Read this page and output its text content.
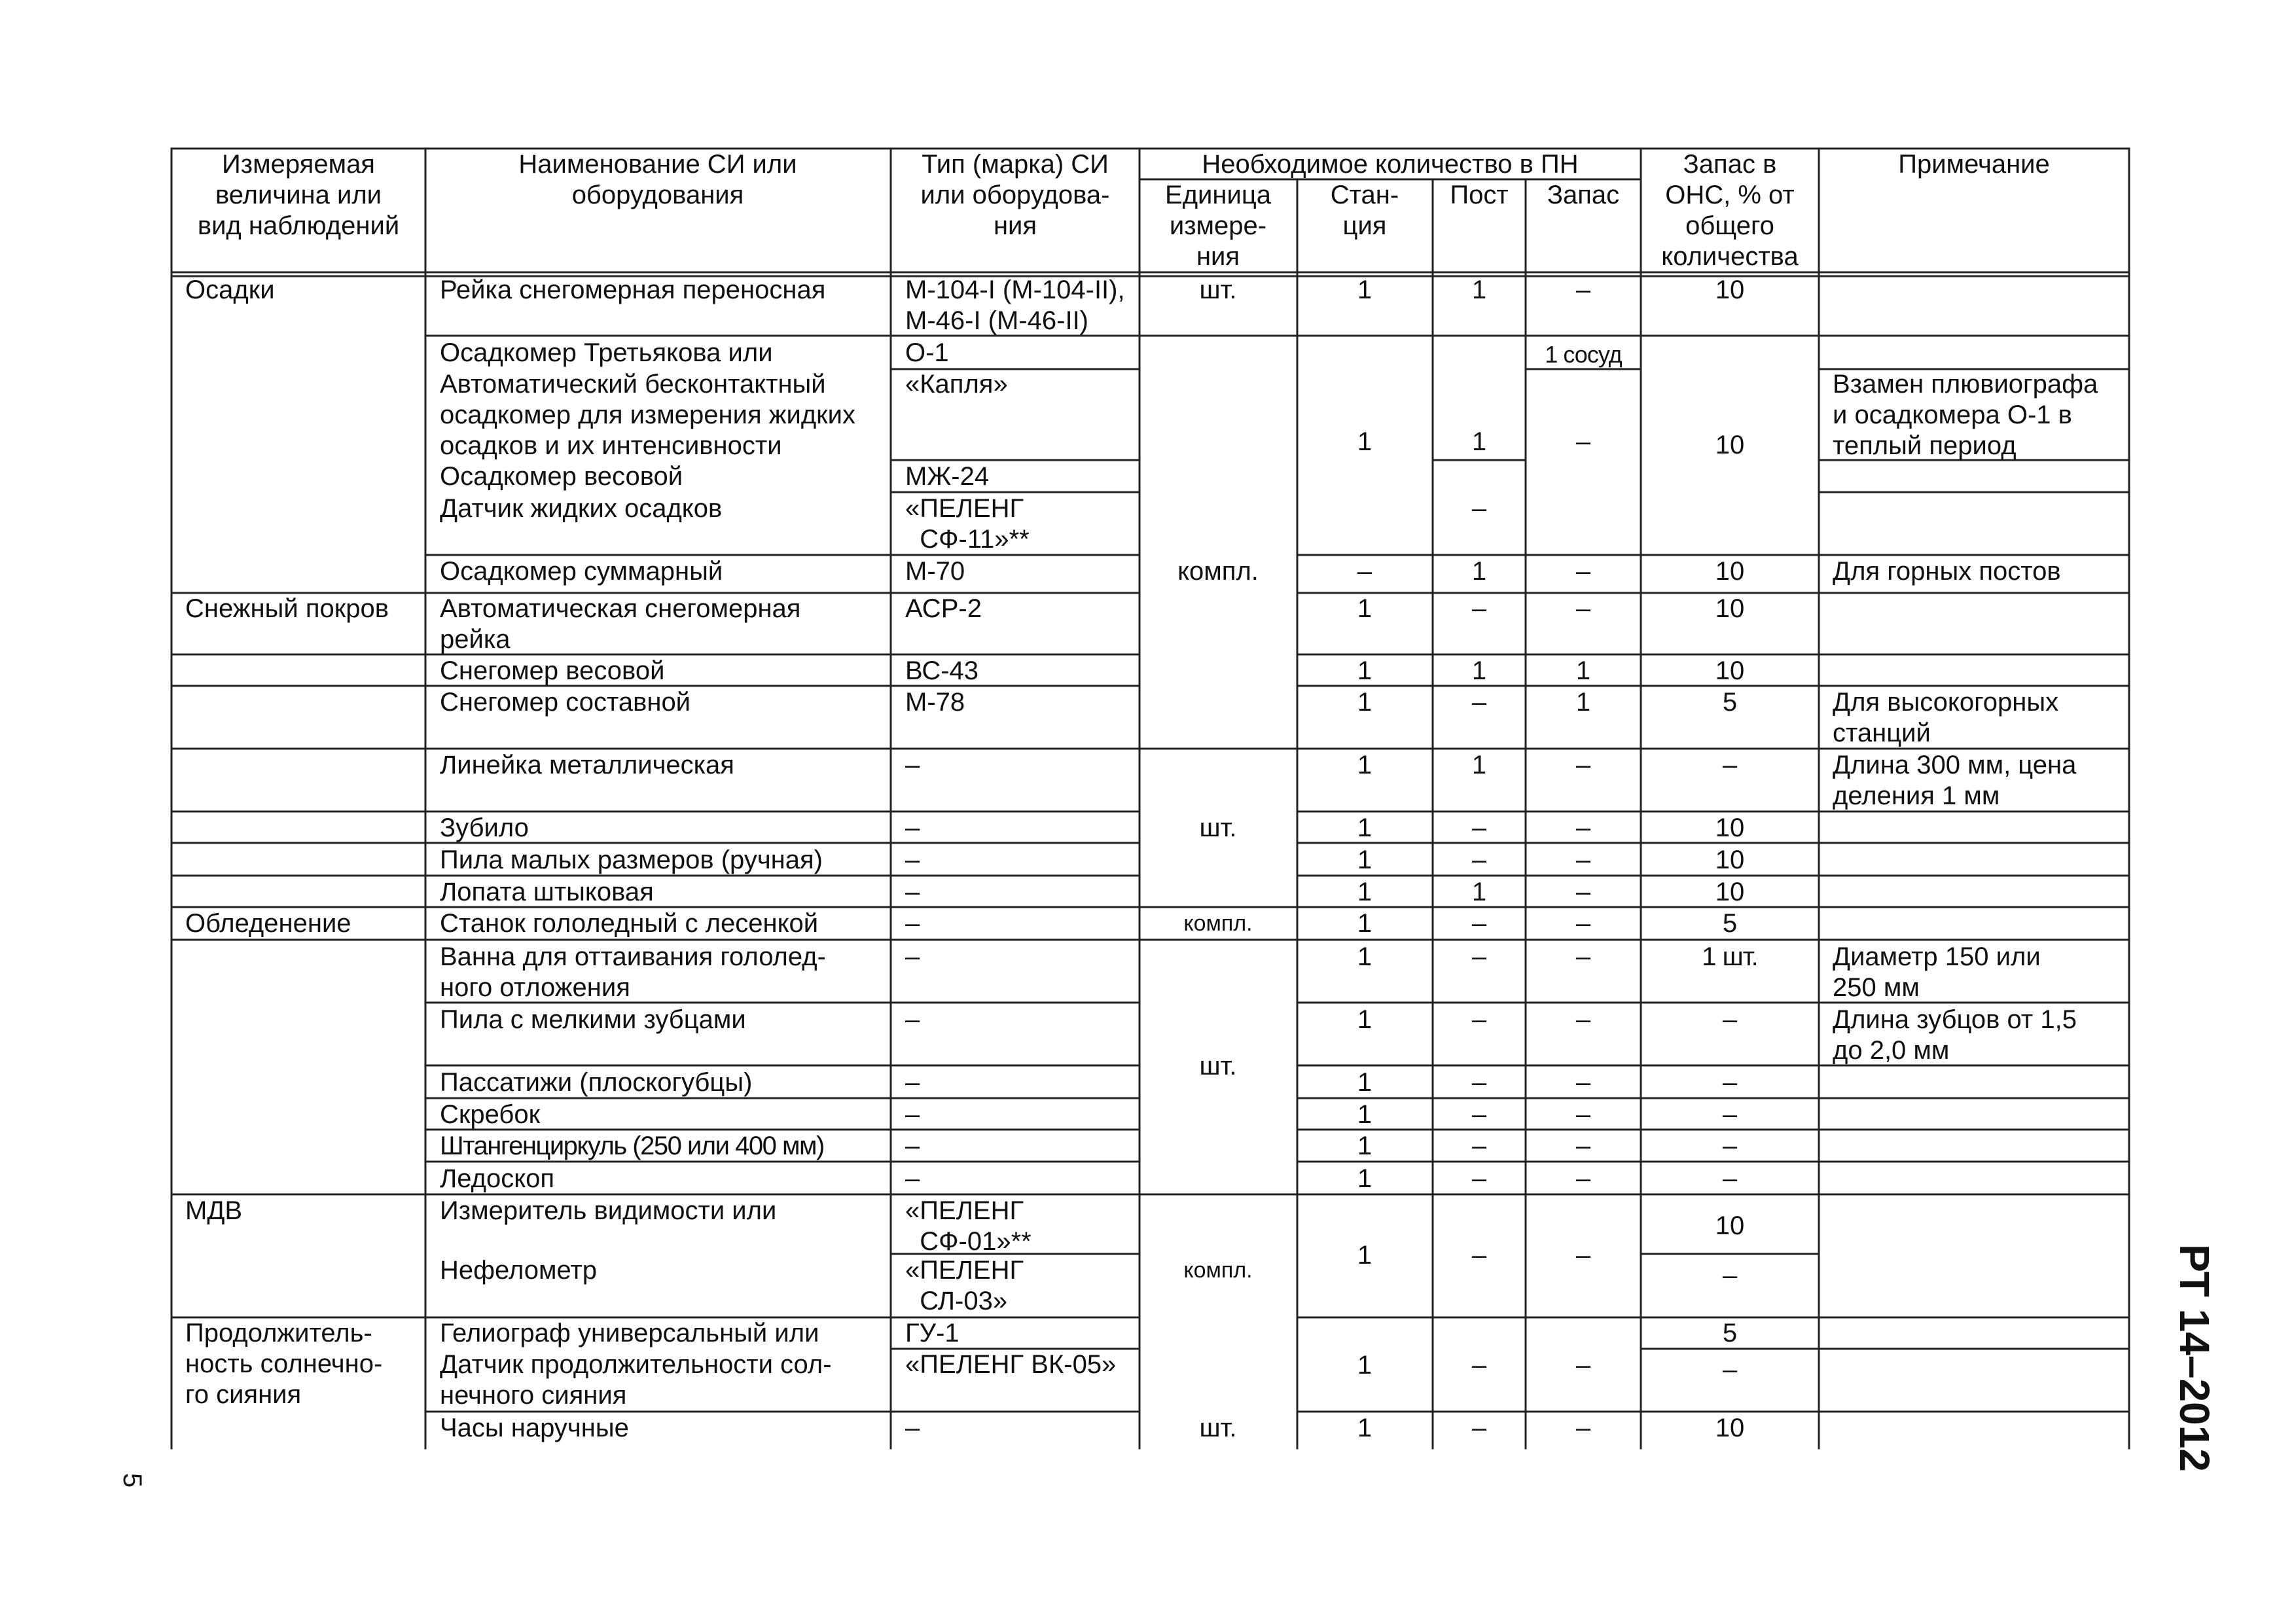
Измеряемая
величина или
вид наблюдений
Наименование СИ или
оборудования
Тип (марка) СИ
или оборудова-
ния
Необходимое количество в ПН
Единица
измере-
ния
Стан-
ция
Пост Запас
Запас в
ОНС, % от
общего
количества
Примечание
Осадки
Снежный покров
Обледенение
МДВ
Продолжитель-
ность солнечно-
го сияния
Рейка снегомерная переносная
Осадкомер Третьякова или
Автоматический бесконтактный
осадкомер для измерения жидких
осадков и их интенсивности
Осадкомер весовой
Датчик жидких осадков
Осадкомер суммарный
Автоматическая снегомерная
рейка
Снегомер весовой
Снегомер составной
Линейка металлическая
Зубило
Пила малых размеров (ручная)
Лопата штыковая
Станок гололедный с лесенкой
Ванна для оттаивания гололед-
ного отложения
Пила с мелкими зубцами
Пассатижи (плоскогубцы)
Скребок
Штангенциркуль (250 или 400 мм)
Ледоскоп
Измеритель видимости или
Нефелометр
Гелиограф универсальный или
Датчик продолжительности сол-
нечного сияния
Часы наручные
М-104-I (М-104-II),
М-46-I (М-46-II)
О-1
«Капля»
МЖ-24
«ПЕЛЕНГ
СФ-11»**
М-70
АСР-2
ВС-43
М-78
–
–
–
–
–
–
–
–
–
–
–
«ПЕЛЕНГ
СФ-01»**
«ПЕЛЕНГ
СЛ-03»
ГУ-1
«ПЕЛЕНГ ВК-05»
–
шт.
компл.
шт.
компл.
шт.
компл.
шт.
1
1
–
1
1
1
1
1
1
1
1
1
1
1
1
1
1
1
1
1
1
1
–
1
–
1
–
1
–
–
1
–
–
–
–
–
–
–
–
–
–
–
1 сосуд
–
–
–
1
1
–
–
–
–
–
–
–
–
–
–
–
–
–
–
10
10
10
10
10
5
–
10
10
10
5
1 шт.
–
–
–
–
–
10
–
5
–
10
Взамен плювиографа
и осадкомера О-1 в
теплый период
Для горных постов
Для высокогорных
станций
Длина 300 мм, цена
деления 1 мм
Диаметр 150 или
250 мм
Длина зубцов от 1,5
до 2,0 мм
РТ 14–2012
5
